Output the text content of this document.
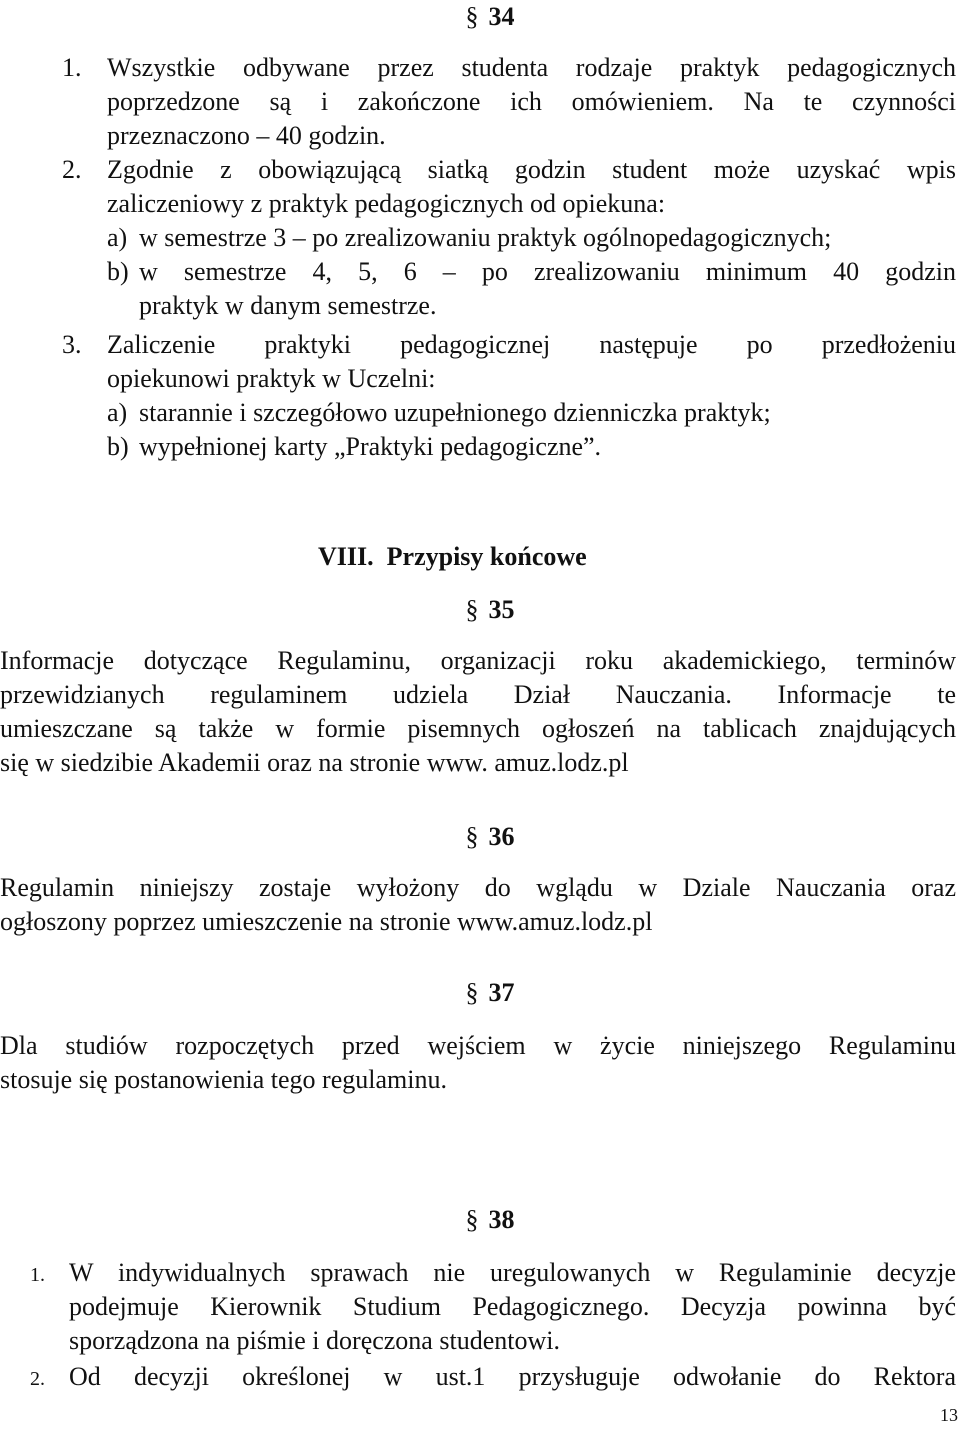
§ 34
1. Wszystkie odbywane przez studenta rodzaje praktyk pedagogicznych
poprzedzone są i zakończone ich omówieniem. Na te czynności
przeznaczono – 40 godzin.
2. Zgodnie z obowiązującą siatką godzin student może uzyskać wpis
zaliczeniowy z praktyk pedagogicznych od opiekuna:
a) w semestrze 3 – po zrealizowaniu praktyk ogólnopedagogicznych;
b) w semestrze 4, 5, 6 – po zrealizowaniu minimum 40 godzin
praktyk w danym semestrze.
3. Zaliczenie praktyki pedagogicznej następuje po przedłożeniu
opiekunowi praktyk w Uczelni:
a) starannie i szczegółowo uzupełnionego dzienniczka praktyk;
b) wypełnionej karty „Praktyki pedagogiczne”.
VIII. Przypisy końcowe
§ 35
Informacje dotyczące Regulaminu, organizacji roku akademickiego, terminów
przewidzianych regulaminem udziela Dział Nauczania. Informacje te
umieszczane są także w formie pisemnych ogłoszeń na tablicach znajdujących
się w siedzibie Akademii oraz na stronie www. amuz.lodz.pl
§ 36
Regulamin niniejszy zostaje wyłożony do wglądu w Dziale Nauczania oraz
ogłoszony poprzez umieszczenie na stronie www.amuz.lodz.pl
§ 37
Dla studiów rozpoczętych przed wejściem w życie niniejszego Regulaminu
stosuje się postanowienia tego regulaminu.
§ 38
1. W indywidualnych sprawach nie uregulowanych w Regulaminie decyzje
podejmuje Kierownik Studium Pedagogicznego. Decyzja powinna być
sporządzona na piśmie i doręczona studentowi.
2. Od decyzji określonej w ust.1 przysługuje odwołanie do Rektora
13
